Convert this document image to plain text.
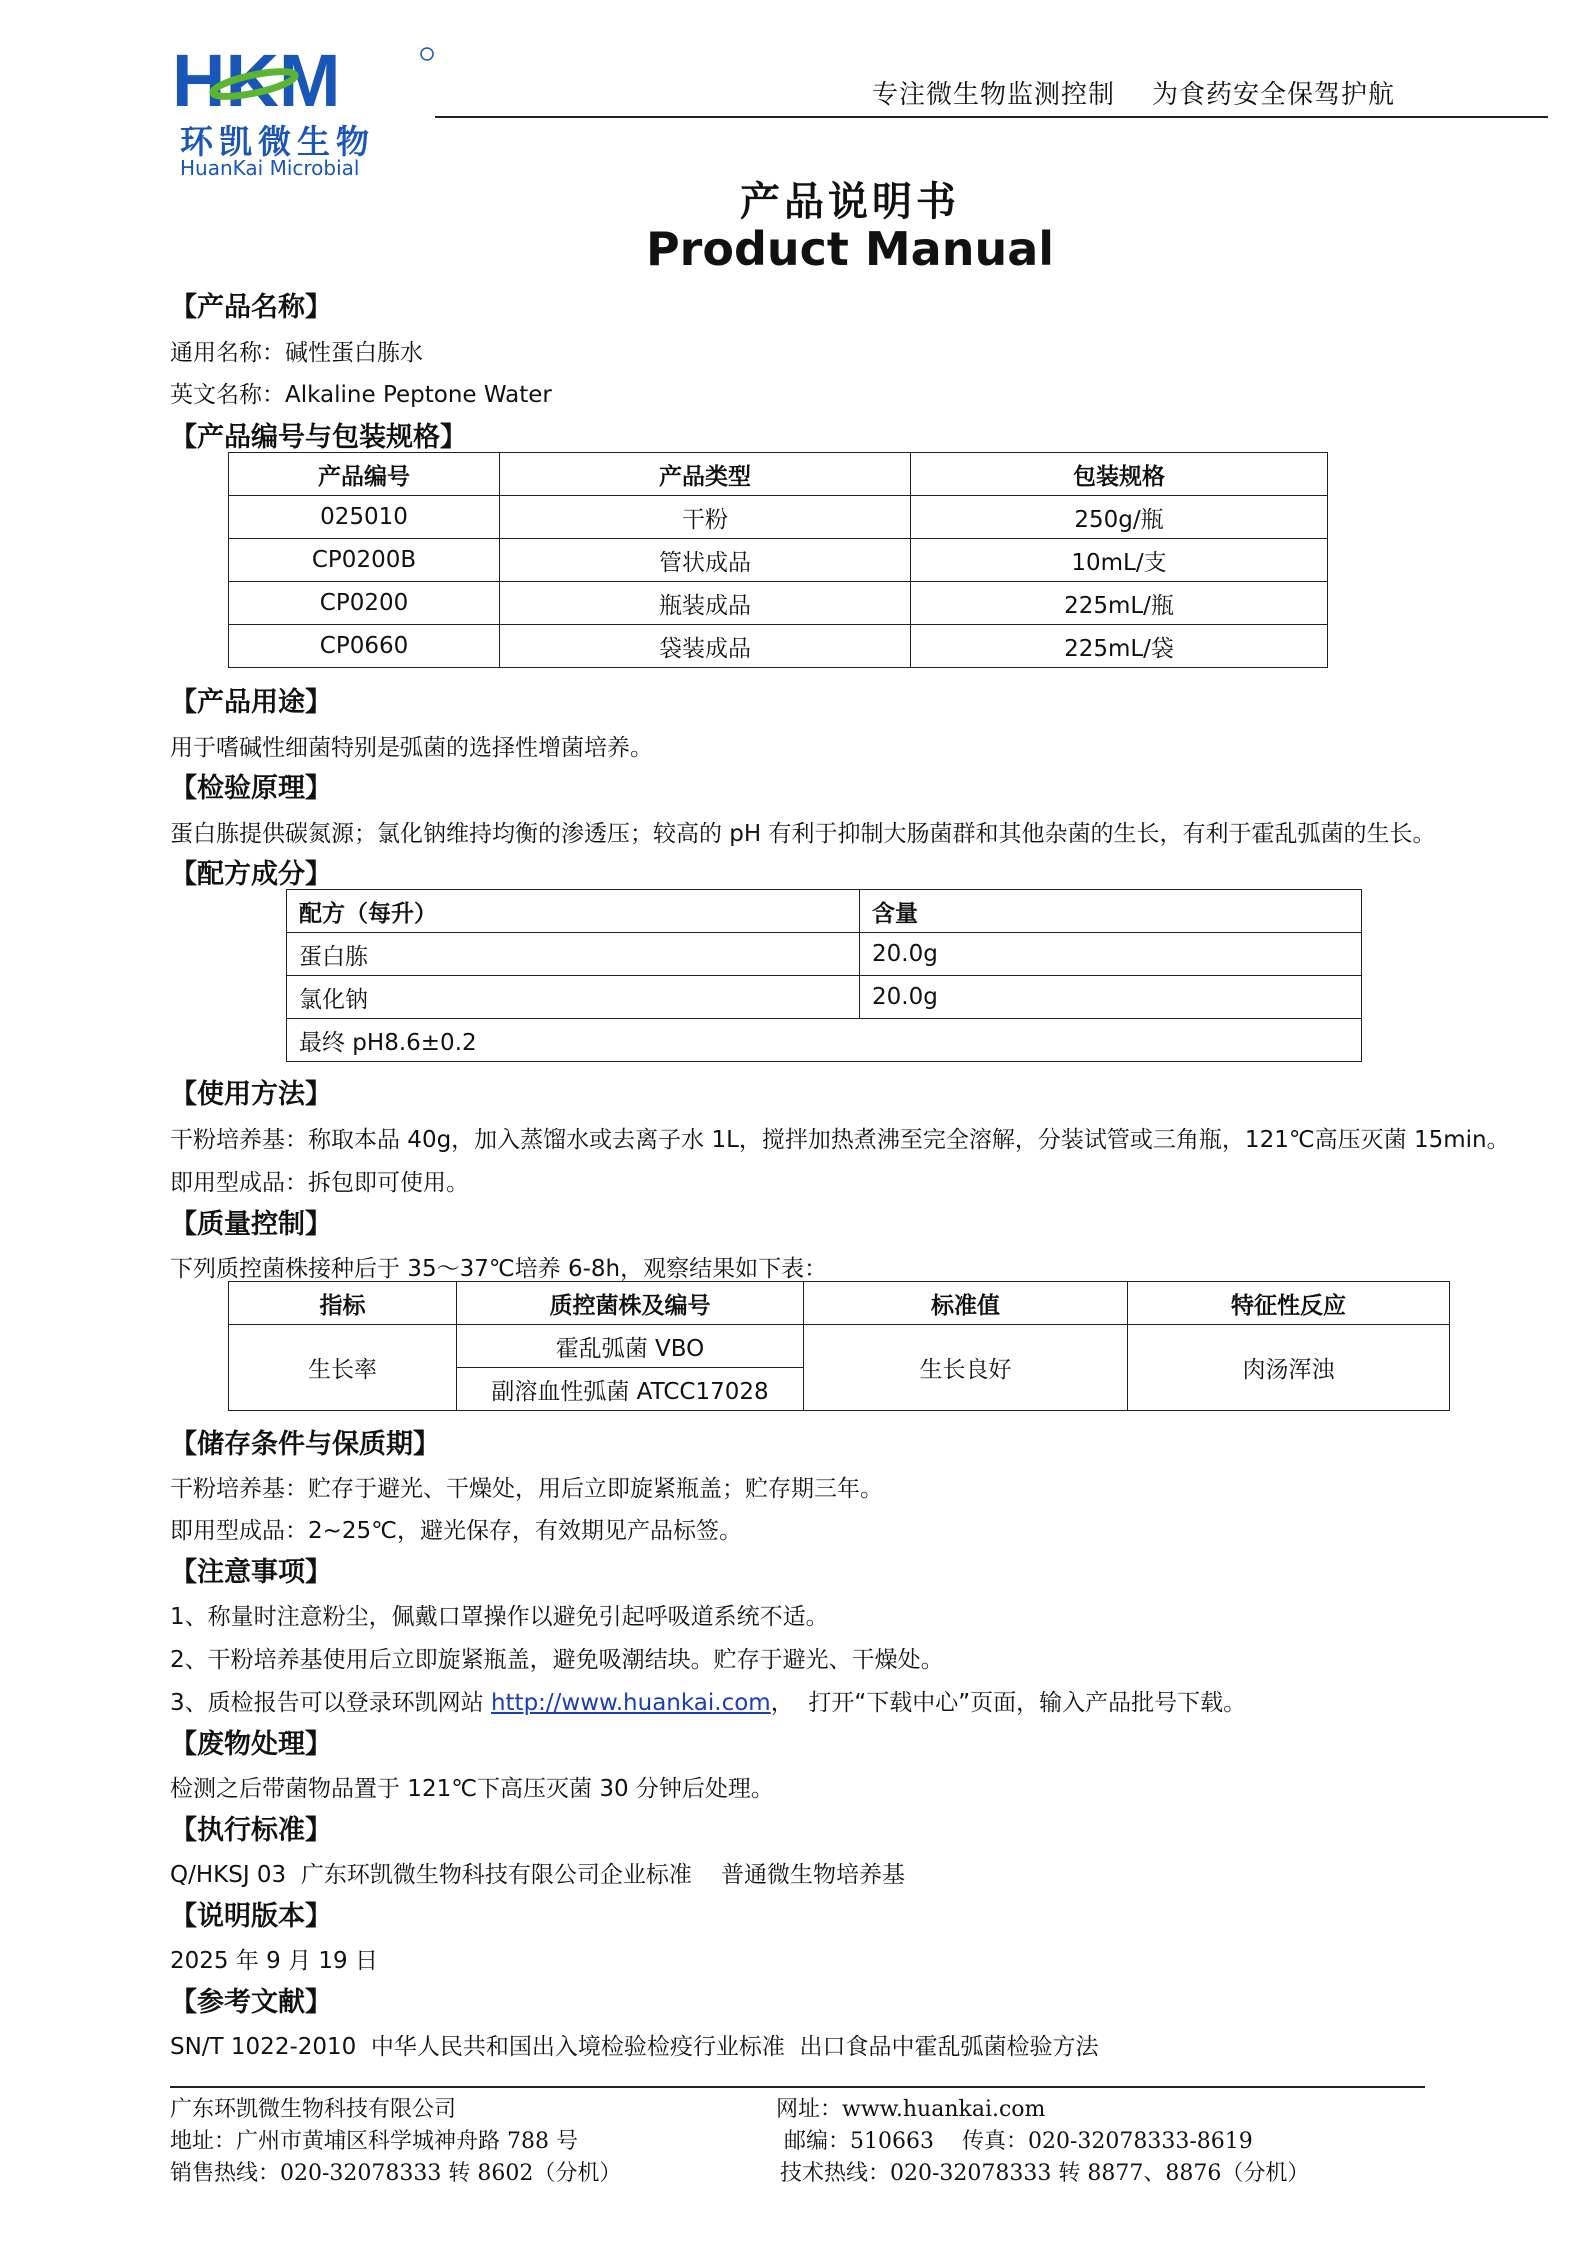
HKM
环凯微生物
HuanKai Microbial
专注微生物监测控制    为食药安全保驾护航
产品说明书
Product Manual
【产品名称】
通用名称：碱性蛋白胨水
英文名称：Alkaline Peptone Water
【产品编号与包装规格】
产品编号	产品类型	包装规格
025010	干粉	250g/瓶
CP0200B	管状成品	10mL/支
CP0200	瓶装成品	225mL/瓶
CP0660	袋装成品	225mL/袋
【产品用途】
用于嗜碱性细菌特别是弧菌的选择性增菌培养。
【检验原理】
蛋白胨提供碳氮源；氯化钠维持均衡的渗透压；较高的 pH 有利于抑制大肠菌群和其他杂菌的生长，有利于霍乱弧菌的生长。
【配方成分】
配方（每升）	含量
蛋白胨	20.0g
氯化钠	20.0g
最终 pH8.6±0.2	
【使用方法】
干粉培养基：称取本品 40g，加入蒸馏水或去离子水 1L，搅拌加热煮沸至完全溶解，分装试管或三角瓶，121℃高压灭菌 15min。
即用型成品：拆包即可使用。
【质量控制】
下列质控菌株接种后于 35～37℃培养 6-8h，观察结果如下表：
指标	质控菌株及编号	标准值	特征性反应
生长率	霍乱弧菌 VBO	生长良好	肉汤浑浊
	副溶血性弧菌 ATCC17028		
【储存条件与保质期】
干粉培养基：贮存于避光、干燥处，用后立即旋紧瓶盖；贮存期三年。
即用型成品：2~25℃，避光保存，有效期见产品标签。
【注意事项】
1、称量时注意粉尘，佩戴口罩操作以避免引起呼吸道系统不适。
2、干粉培养基使用后立即旋紧瓶盖，避免吸潮结块。贮存于避光、干燥处。
3、质检报告可以登录环凯网站 http://www.huankai.com，  打开“下载中心”页面，输入产品批号下载。
【废物处理】
检测之后带菌物品置于 121℃下高压灭菌 30 分钟后处理。
【执行标准】
Q/HKSJ 03  广东环凯微生物科技有限公司企业标准    普通微生物培养基
【说明版本】
2025 年 9 月 19 日
【参考文献】
SN/T 1022-2010  中华人民共和国出入境检验检疫行业标准  出口食品中霍乱弧菌检验方法
广东环凯微生物科技有限公司
地址：广州市黄埔区科学城神舟路 788 号
销售热线：020-32078333 转 8602（分机）
网址：www.huankai.com
邮编：510663    传真：020-32078333-8619
技术热线：020-32078333 转 8877、8876（分机）
